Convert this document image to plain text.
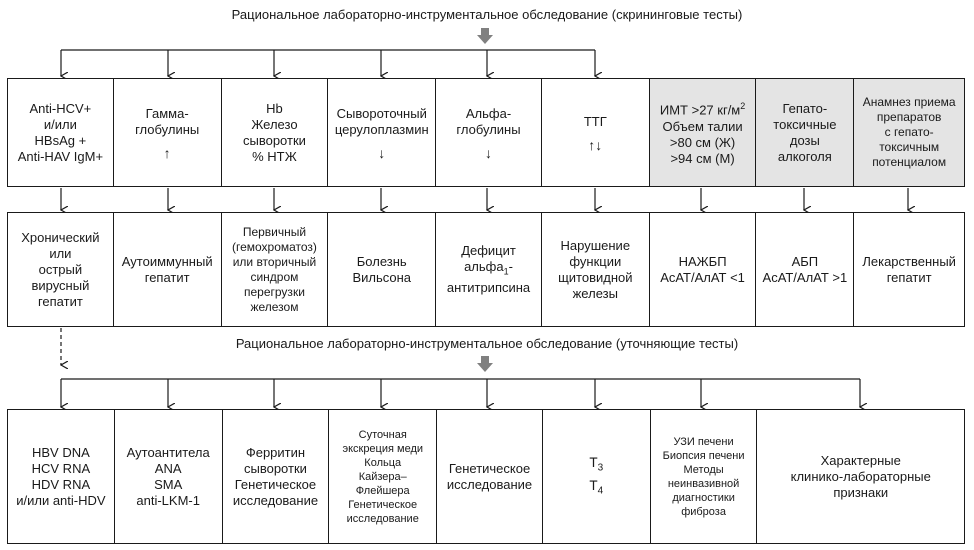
Рациональное лабораторно-инструментальное обследование (скрининговые тесты)
Рациональное лабораторно-инструментальное обследование (уточняющие тесты)
Anti-HCV+
и/или
HBsAg +
Anti-HAV IgM+
Гамма-
глобулины
↑
Hb
Железо
сыворотки
% НТЖ
Сывороточный
церулоплазмин
↓
Альфа-
глобулины
↓
ТТГ
↑↓
ИМТ >27 $кг/м^2$
Объем талии
>80 см (Ж)
>94 см (М)
Гепато-
токсичные
дозы
алкоголя
Анамнез приема
препаратов
с гепато-
токсичным
потенциалом
Хронический
или
острый
вирусный
гепатит
Аутоиммунный
гепатит
Первичный
(гемохроматоз)
или вторичный
синдром
перегрузки
железом
Болезнь
Вильсона
Дефицит
альфа$_1$-
антитрипсина
Нарушение
функции
щитовидной
железы
НАЖБП
АсАТ/АлАТ <1
АБП
АсАТ/АлАТ >1
Лекарственный
гепатит
HBV DNA
HCV RNA
HDV RNA
и/или anti-HDV
Аутоантитела
ANA
SMA
anti-LKM-1
Ферритин
сыворотки
Генетическое
исследование
Суточная
экскреция меди
Кольца
Кайзера–
Флейшера
Генетическое
исследование
Генетическое
исследование
$T_3$
$T_4$
УЗИ печени
Биопсия печени
Методы
неинвазивной
диагностики
фиброза
Характерные
клинико-лабораторные
признаки
